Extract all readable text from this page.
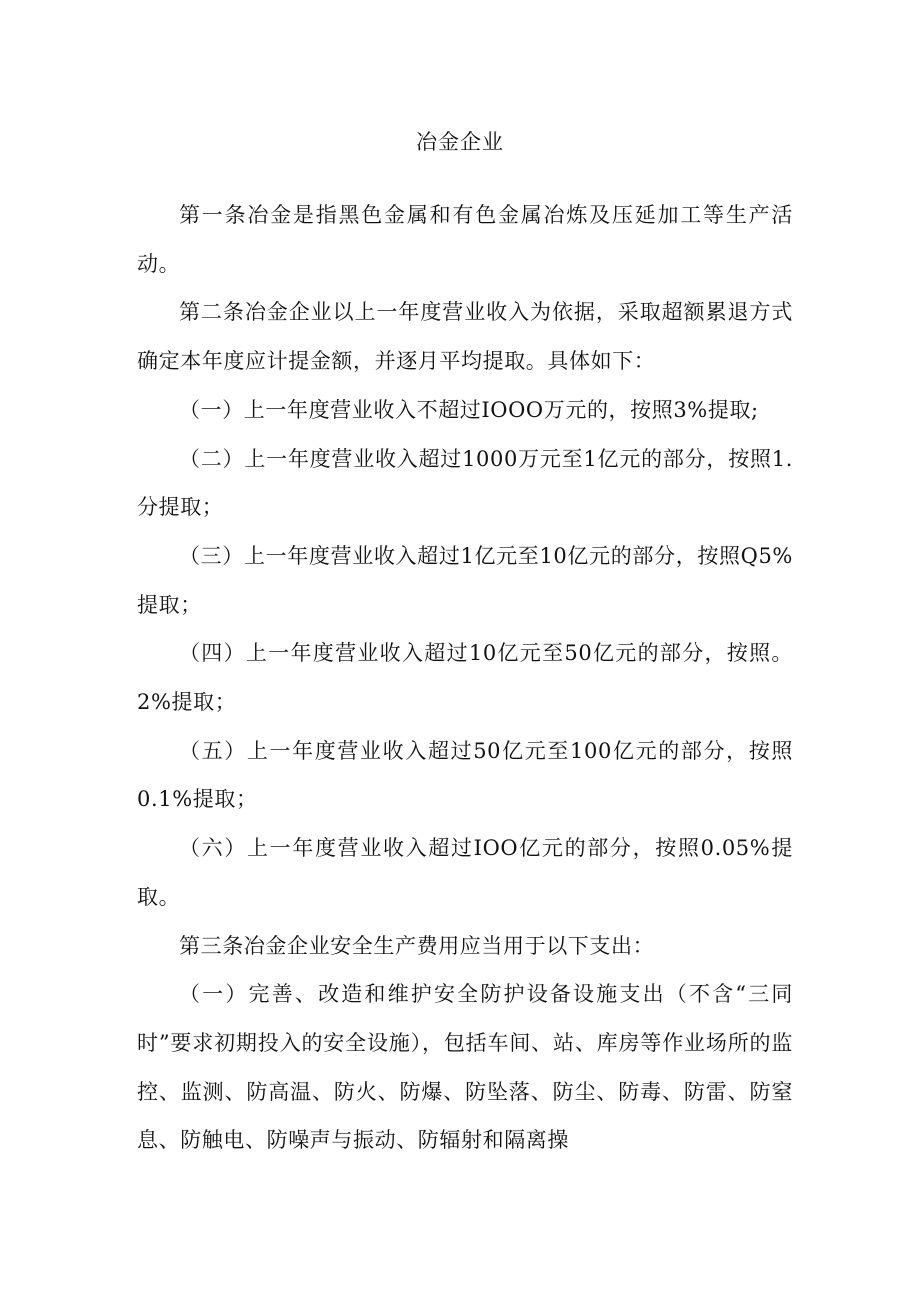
冶金企业

第一条冶金是指黑色金属和有色金属冶炼及压延加工等生产活动。

第二条冶金企业以上一年度营业收入为依据，采取超额累退方式确定本年度应计提金额，并逐月平均提取。具体如下：

（一）上一年度营业收入不超过IOOO万元的，按照3%提取;

（二）上一年度营业收入超过1000万元至1亿元的部分，按照1.分提取；

（三）上一年度营业收入超过1亿元至10亿元的部分，按照Q5%提取；

（四）上一年度营业收入超过10亿元至50亿元的部分，按照。2%提取；

（五）上一年度营业收入超过50亿元至100亿元的部分，按照0.1%提取；

（六）上一年度营业收入超过IOO亿元的部分，按照0.05%提取。

第三条冶金企业安全生产费用应当用于以下支出：

（一）完善、改造和维护安全防护设备设施支出（不含“三同时”要求初期投入的安全设施），包括车间、站、库房等作业场所的监控、监测、防高温、防火、防爆、防坠落、防尘、防毒、防雷、防窒息、防触电、防噪声与振动、防辐射和隔离操
